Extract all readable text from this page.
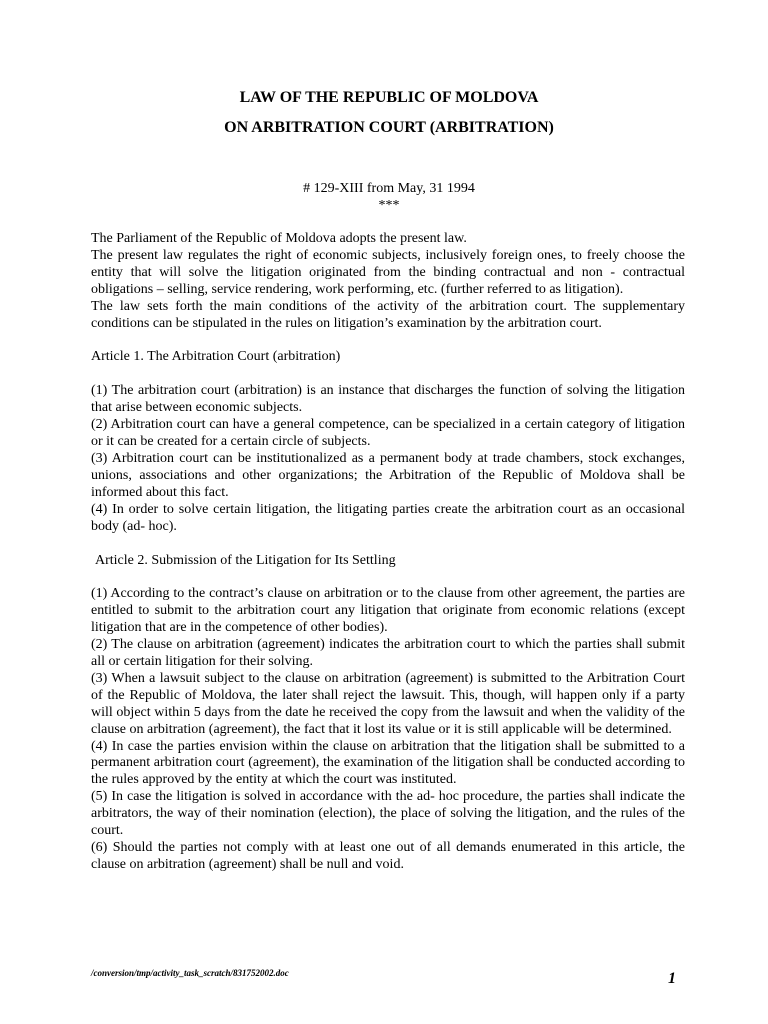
LAW OF THE REPUBLIC OF MOLDOVA
ON ARBITRATION COURT (ARBITRATION)
# 129-XIII from May, 31 1994
***

The Parliament of the Republic of Moldova adopts the present law.

The present law regulates the right of economic subjects, inclusively foreign ones, to freely choose the entity that will solve the litigation originated from the binding contractual and non - contractual obligations – selling, service rendering, work performing, etc. (further referred to as litigation).

The law sets forth the main conditions of the activity of the arbitration court. The supplementary conditions can be stipulated in the rules on litigation’s examination by the arbitration court.

Article 1. The Arbitration Court (arbitration)

(1) The arbitration court (arbitration) is an instance that discharges the function of solving the litigation that arise between economic subjects.

(2) Arbitration court can have a general competence, can be specialized in a certain category of litigation or it can be created for a certain circle of subjects.

(3) Arbitration court can be institutionalized as a permanent body at trade chambers, stock exchanges, unions, associations and other organizations; the Arbitration of the Republic of Moldova shall be informed about this fact.

(4) In order to solve certain litigation, the litigating parties create the arbitration court as an occasional body (ad- hoc).

Article 2. Submission of the Litigation for Its Settling

(1) According to the contract’s clause on arbitration or to the clause from other agreement, the parties are entitled to submit to the arbitration court any litigation that originate from economic relations (except litigation that are in the competence of other bodies).

(2) The clause on arbitration (agreement) indicates the arbitration court to which the parties shall submit all or certain litigation for their solving.

(3) When a lawsuit subject to the clause on arbitration (agreement) is submitted to the Arbitration Court of the Republic of Moldova, the later shall reject the lawsuit. This, though, will happen only if a party will object within 5 days from the date he received the copy from the lawsuit and when the validity of the clause on arbitration (agreement), the fact that it lost its value or it is still applicable will be determined.

(4) In case the parties envision within the clause on arbitration that the litigation shall be submitted to a permanent arbitration court (agreement), the examination of the litigation shall be conducted according to the rules approved by the entity at which the court was instituted.

(5) In case the litigation is solved in accordance with the ad- hoc procedure, the parties shall indicate the arbitrators, the way of their nomination (election), the place of solving the litigation, and the rules of the court.

(6) Should the parties not comply with at least one out of all demands enumerated in this article, the clause on arbitration (agreement) shall be null and void.

/conversion/tmp/activity_task_scratch/831752002.doc	1
